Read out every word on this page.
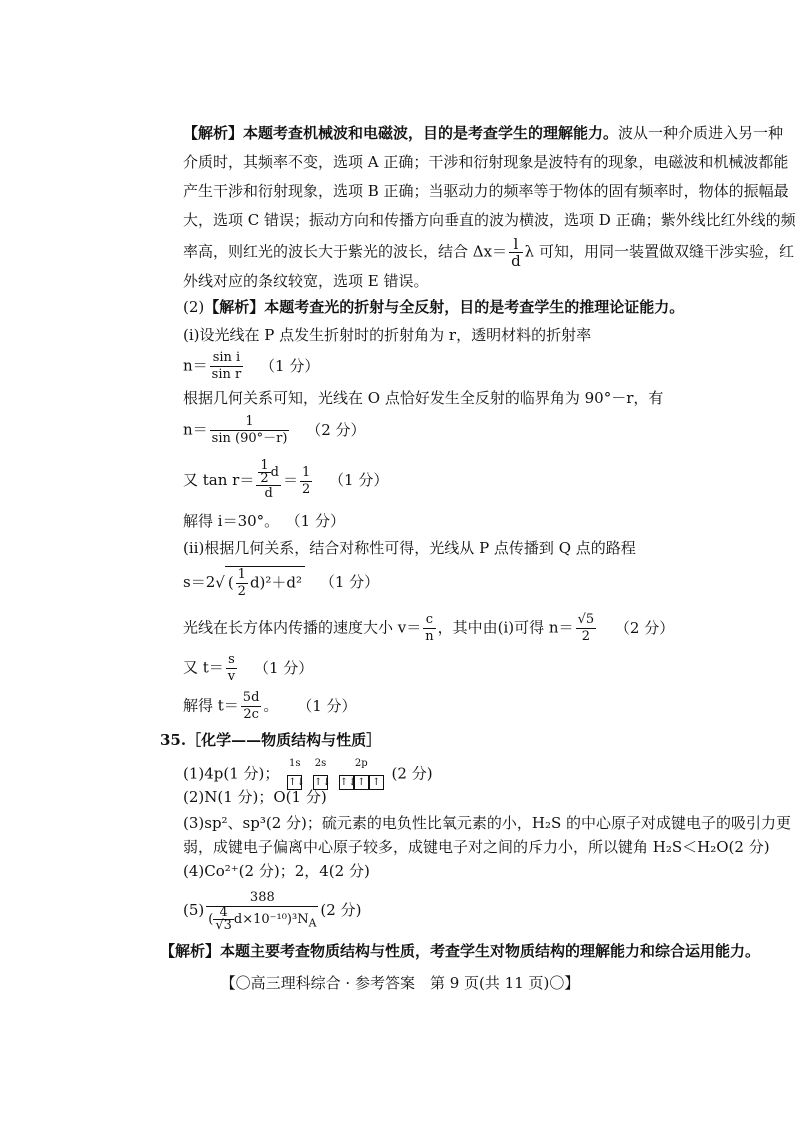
【解析】本题考查机械波和电磁波，目的是考查学生的理解能力。波从一种介质进入另一种
介质时，其频率不变，选项 A 正确；干涉和衍射现象是波特有的现象，电磁波和机械波都能
产生干涉和衍射现象，选项 B 正确；当驱动力的频率等于物体的固有频率时，物体的振幅最
大，选项 C 错误；振动方向和传播方向垂直的波为横波，选项 D 正确；紫外线比红外线的频
率高，则红光的波长大于紫光的波长，结合 $\Delta x= \frac{l}{d}$ λ 可知，用同一装置做双缝干涉实验，红
外线对应的条纹较宽，选项 E 错误。
(2)【解析】本题考查光的折射与全反射，目的是考查学生的推理论证能力。
(ⅰ)设光线在 P 点发生折射时的折射角为 r，透明材料的折射率
$n= \frac{\text{sin i}}{\text{sin r}} (1$ 分）
根据几何关系可知，光线在 O 点恰好发生全反射的临界角为 90°－r，有
$n= \frac{1}{\sin (90^\circ-r)} (2$ 分）
又 $\tan r= \frac{\frac{1}{2} d}{d} = \frac{1}{2} (1$ 分）
解得 i＝30°。 （1 分）
(ⅱ)根据几何关系，结合对称性可得，光线从 P 点传播到 Q 点的路程
s＝2√ ( $\frac{1}{2} d)^2+d^2$ （1 分）
光线在长方体内传播的速度大小 $v= \frac{c}{n}$ ，其中由(ⅰ)可得 $n= \frac{√5}{2} (2$ 分）
又 $t= \frac{s}{v} (1$ 分）
解得 $t= \frac{5d}{2c}$ 。 （1 分）
35.［化学——物质结构与性质］
(1)4p(1 分)；
1s
↑↓
2s
↑↓
2p
↑↓↑ ↑ (2 分)
(2)N(1 分)；O(1 分)
(3)sp²、sp³(2 分)；硫元素的电负性比氧元素的小，H₂S 的中心原子对成键电子的吸引力更
弱，成键电子偏离中心原子较多，成键电子对之间的斥力小，所以键角 H₂S＜H₂O(2 分)
(4)Co²⁺(2 分)；2，4(2 分)
$(5) \frac{388}{( \frac{4}{√3} d\times 10^{-10})^3N_A} (2$ 分)
【解析】本题主要考查物质结构与性质，考查学生对物质结构的理解能力和综合运用能力。
【〇高三理科综合 · 参考答案　第 9 页(共 11 页)〇】
